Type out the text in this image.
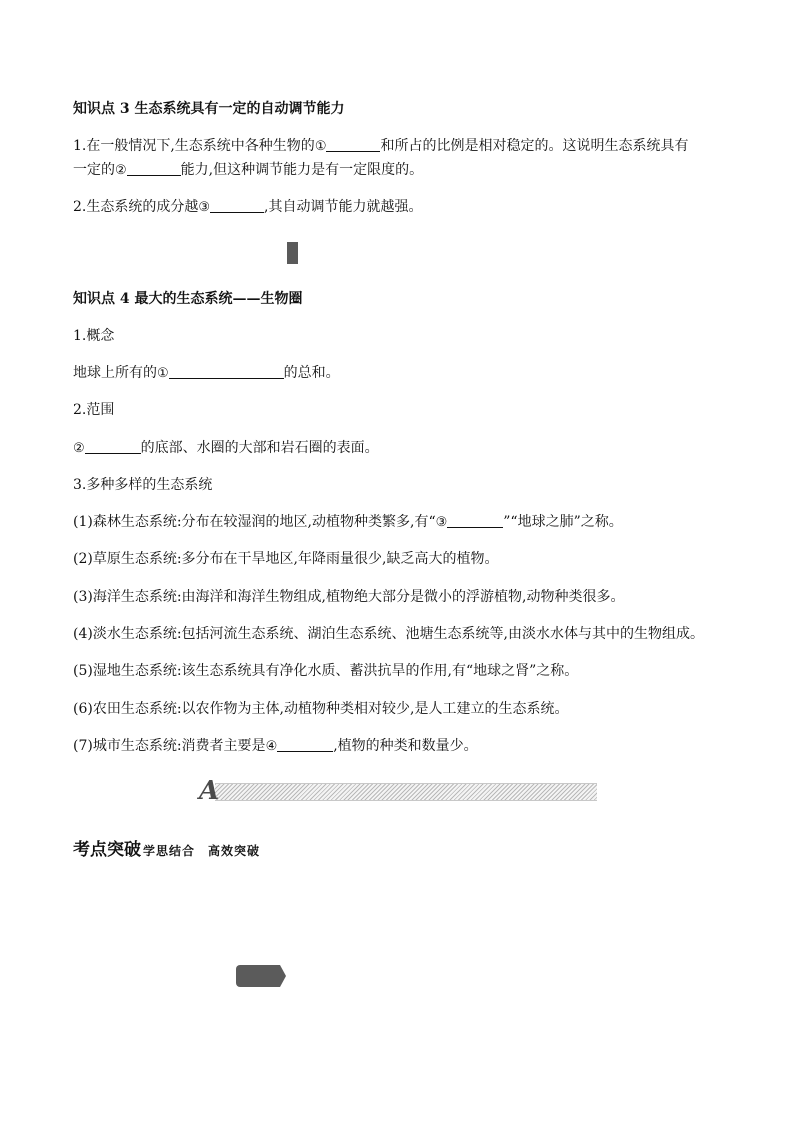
知识点 3 生态系统具有一定的自动调节能力
1.在一般情况下,生态系统中各种生物的①	和所占的比例是相对稳定的。这说明生态系统具有
一定的②	能力,但这种调节能力是有一定限度的。
2.生态系统的成分越③	,其自动调节能力就越强。
知识点 4 最大的生态系统——生物圈
1.概念
地球上所有的①	的总和。
2.范围
②	的底部、水圈的大部和岩石圈的表面。
3.多种多样的生态系统
(1)森林生态系统:分布在较湿润的地区,动植物种类繁多,有“③	”“地球之肺”之称。
(2)草原生态系统:多分布在干旱地区,年降雨量很少,缺乏高大的植物。
(3)海洋生态系统:由海洋和海洋生物组成,植物绝大部分是微小的浮游植物,动物种类很多。
(4)淡水生态系统:包括河流生态系统、湖泊生态系统、池塘生态系统等,由淡水水体与其中的生物组成。
(5)湿地生态系统:该生态系统具有净化水质、蓄洪抗旱的作用,有“地球之肾”之称。
(6)农田生态系统:以农作物为主体,动植物种类相对较少,是人工建立的生态系统。
(7)城市生态系统:消费者主要是④	,植物的种类和数量少。
A
考点突破 学思结合　高效突破
